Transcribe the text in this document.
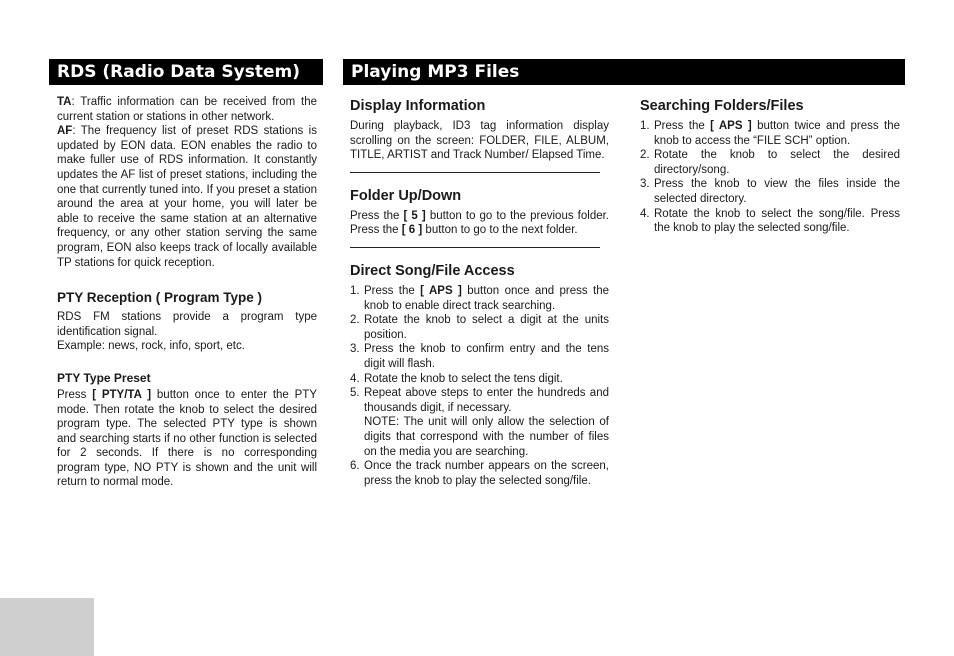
RDS (Radio Data System)	Playing MP3 Files

TA: Traffic information can be received from the current station or stations in other network.

AF: The frequency list of preset RDS stations is updated by EON data. EON enables the radio to make fuller use of RDS information. It constantly updates the AF list of preset stations, including the one that currently tuned into. If you preset a station around the area at your home, you will later be able to receive the same station at an alternative frequency, or any other station serving the same program, EON also keeps track of locally available TP stations for quick reception.

PTY Reception ( Program Type )

RDS FM stations provide a program type identification signal.

Example: news, rock, info, sport, etc.

PTY Type Preset

Press [ PTY/TA ] button once to enter the PTY mode. Then rotate the knob to select the desired program type. The selected PTY type is shown and searching starts if no other function is selected for 2 seconds. If there is no corresponding program type, NO PTY is shown and the unit will return to normal mode.

Display Information

During playback, ID3 tag information display scrolling on the screen: FOLDER, FILE, ALBUM, TITLE, ARTIST and Track Number/ Elapsed Time.

Folder Up/Down

Press the [ 5 ] button to go to the previous folder. Press the [ 6 ] button to go to the next folder.

Direct Song/File Access
1. Press the [ APS ] button once and press the knob to enable direct track searching.
2. Rotate the knob to select a digit at the units position.
3. Press the knob to confirm entry and the tens digit will flash.
4. Rotate the knob to select the tens digit.
5. Repeat above steps to enter the hundreds and thousands digit, if necessary.
NOTE: The unit will only allow the selection of digits that correspond with the number of files on the media you are searching.
6. Once the track number appears on the screen, press the knob to play the selected song/file.
Searching Folders/Files
1. Press the [ APS ] button twice and press the knob to access the “FILE SCH” option.
2. Rotate the knob to select the desired directory/song.
3. Press the knob to view the files inside the selected directory.
4. Rotate the knob to select the song/file. Press the knob to play the selected song/file.
